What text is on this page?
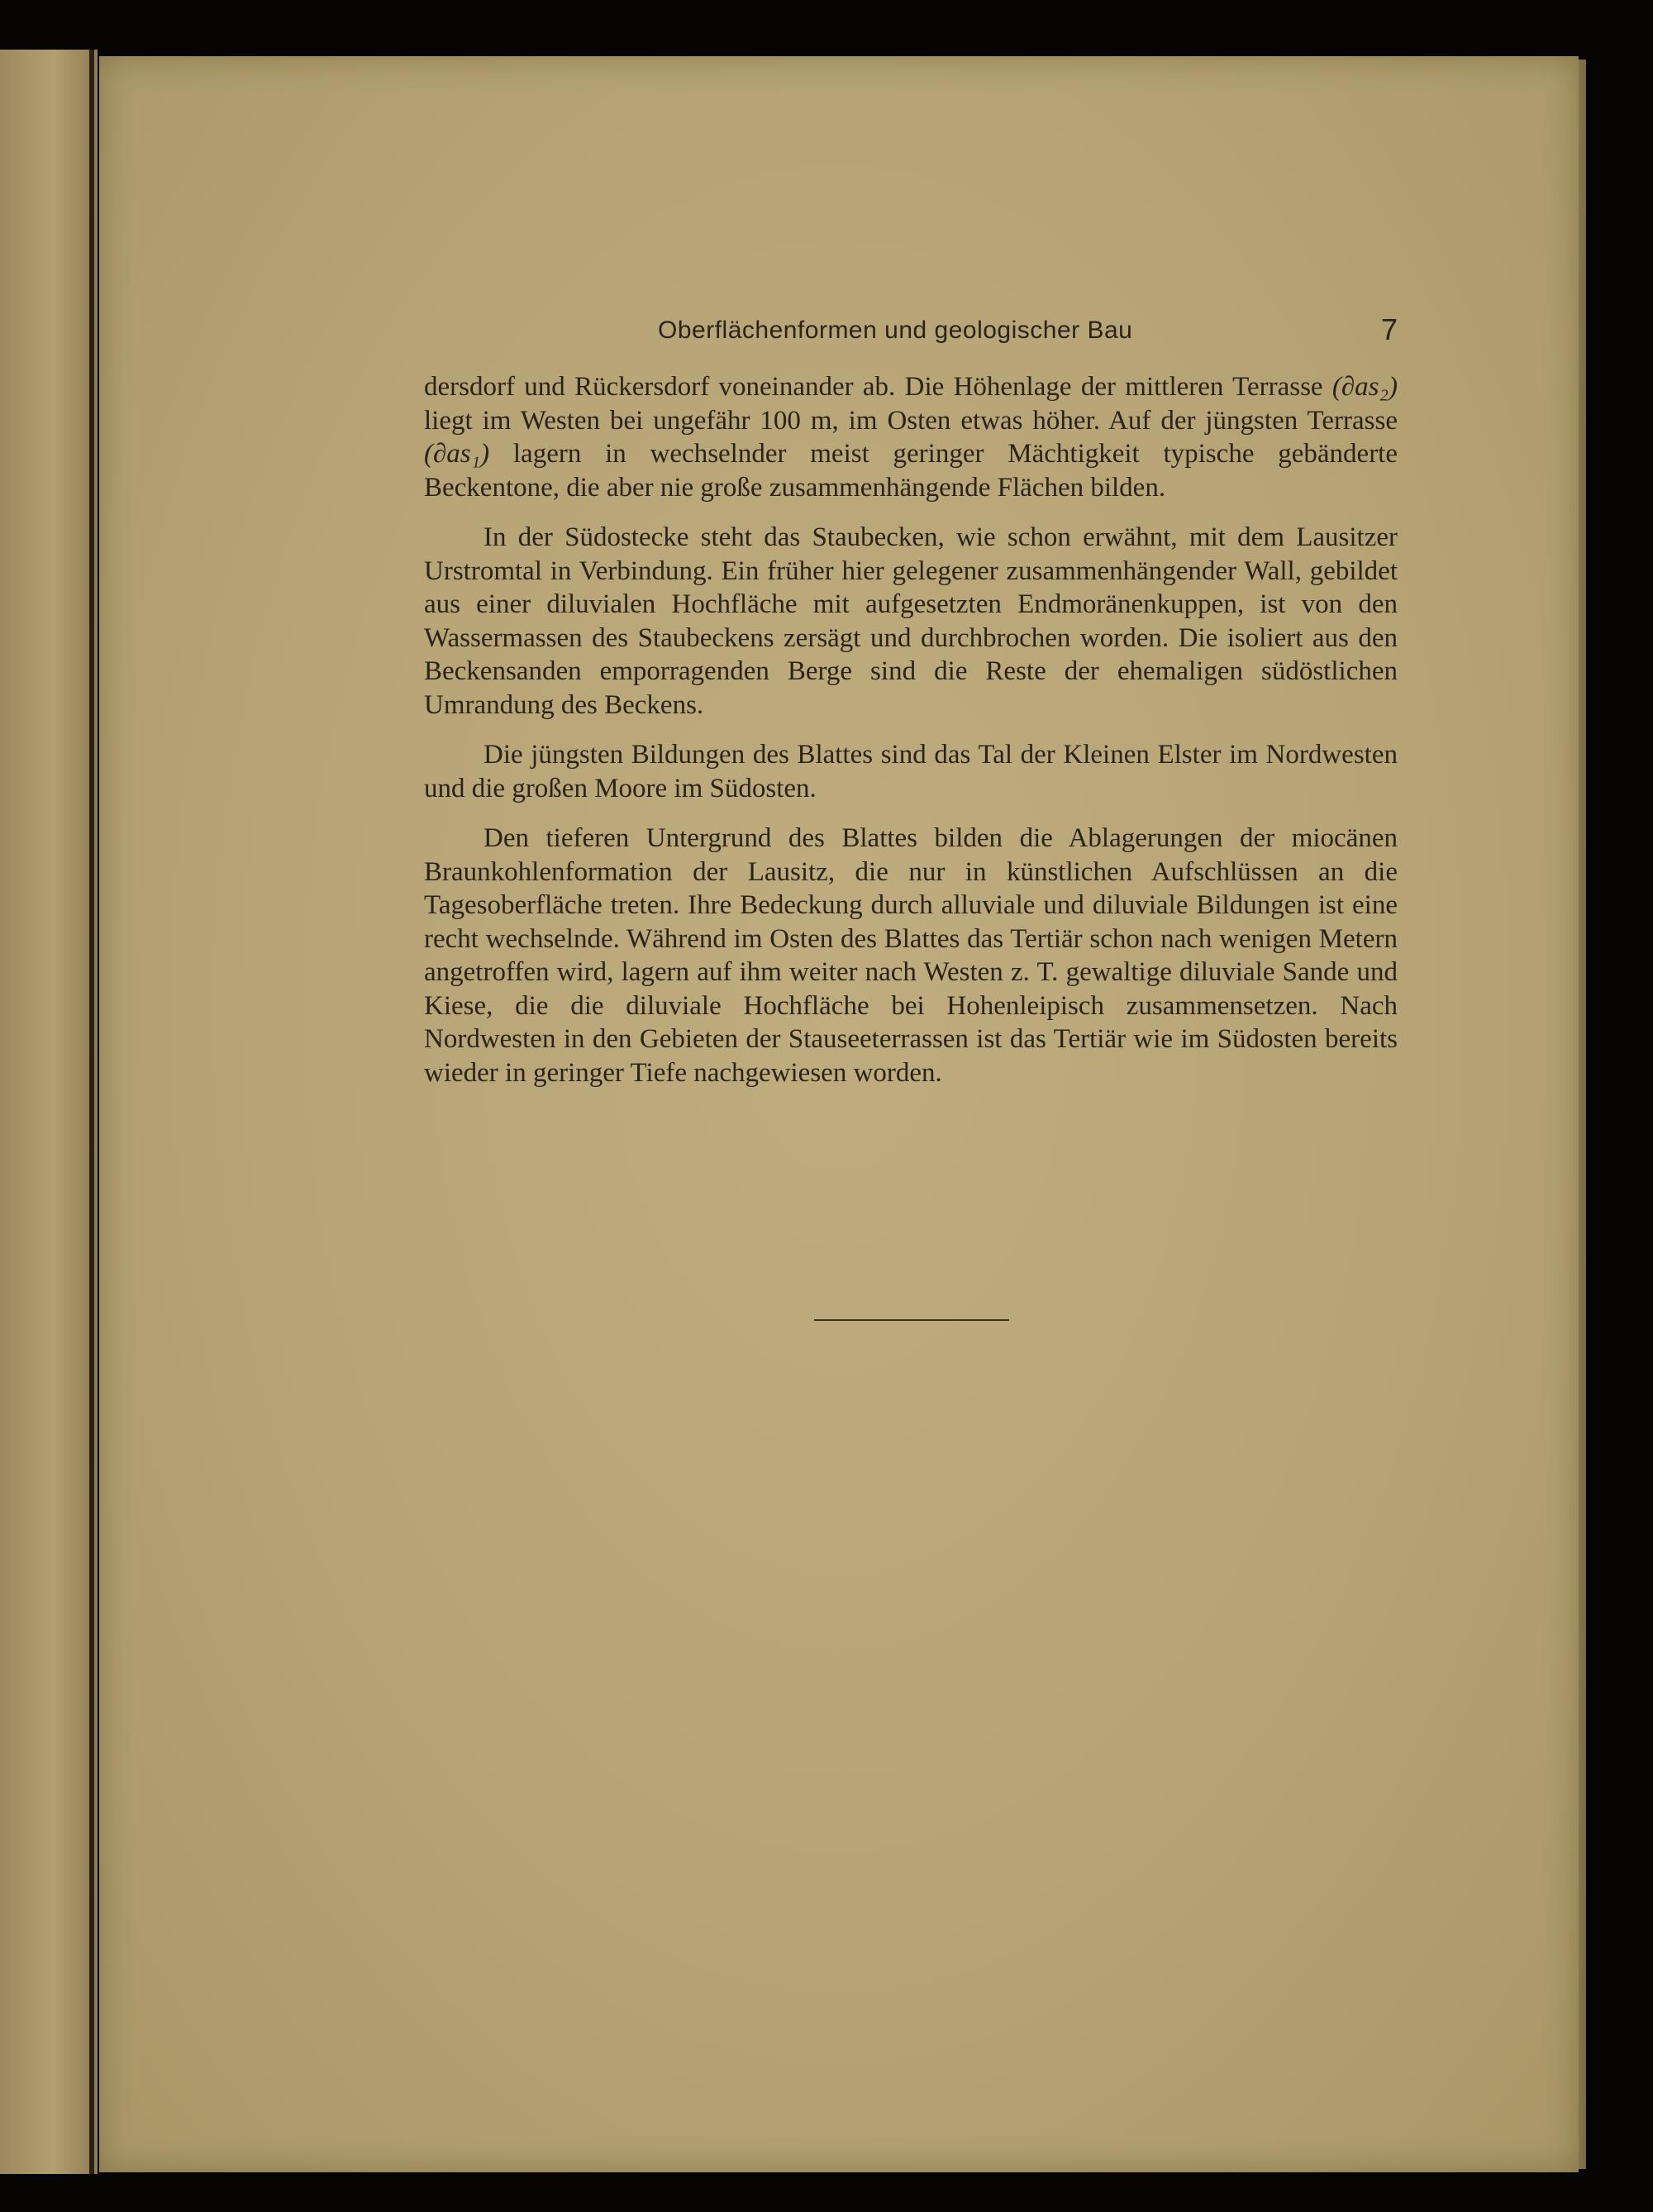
Oberflächenformen und geologischer Bau	7

dersdorf und Rückersdorf voneinander ab. Die Höhenlage der mittleren Terrasse (∂as₂) liegt im Westen bei ungefähr 100 m, im Osten etwas höher. Auf der jüngsten Terrasse (∂as₁) lagern in wechselnder meist geringer Mächtigkeit typische gebänderte Beckentone, die aber nie große zusammenhängende Flächen bilden.

In der Südostecke steht das Staubecken, wie schon erwähnt, mit dem Lausitzer Urstromtal in Verbindung. Ein früher hier gelegener zusammenhängender Wall, gebildet aus einer diluvialen Hochfläche mit aufgesetzten Endmoränenkuppen, ist von den Wassermassen des Staubeckens zersägt und durchbrochen worden. Die isoliert aus den Beckensanden emporragenden Berge sind die Reste der ehemaligen südöstlichen Umrandung des Beckens.

Die jüngsten Bildungen des Blattes sind das Tal der Kleinen Elster im Nordwesten und die großen Moore im Südosten.

Den tieferen Untergrund des Blattes bilden die Ablagerungen der miocänen Braunkohlenformation der Lausitz, die nur in künstlichen Aufschlüssen an die Tagesoberfläche treten. Ihre Bedeckung durch alluviale und diluviale Bildungen ist eine recht wechselnde. Während im Osten des Blattes das Tertiär schon nach wenigen Metern angetroffen wird, lagern auf ihm weiter nach Westen z. T. gewaltige diluviale Sande und Kiese, die die diluviale Hochfläche bei Hohenleipisch zusammensetzen. Nach Nordwesten in den Gebieten der Stauseeterrassen ist das Tertiär wie im Südosten bereits wieder in geringer Tiefe nachgewiesen worden.
